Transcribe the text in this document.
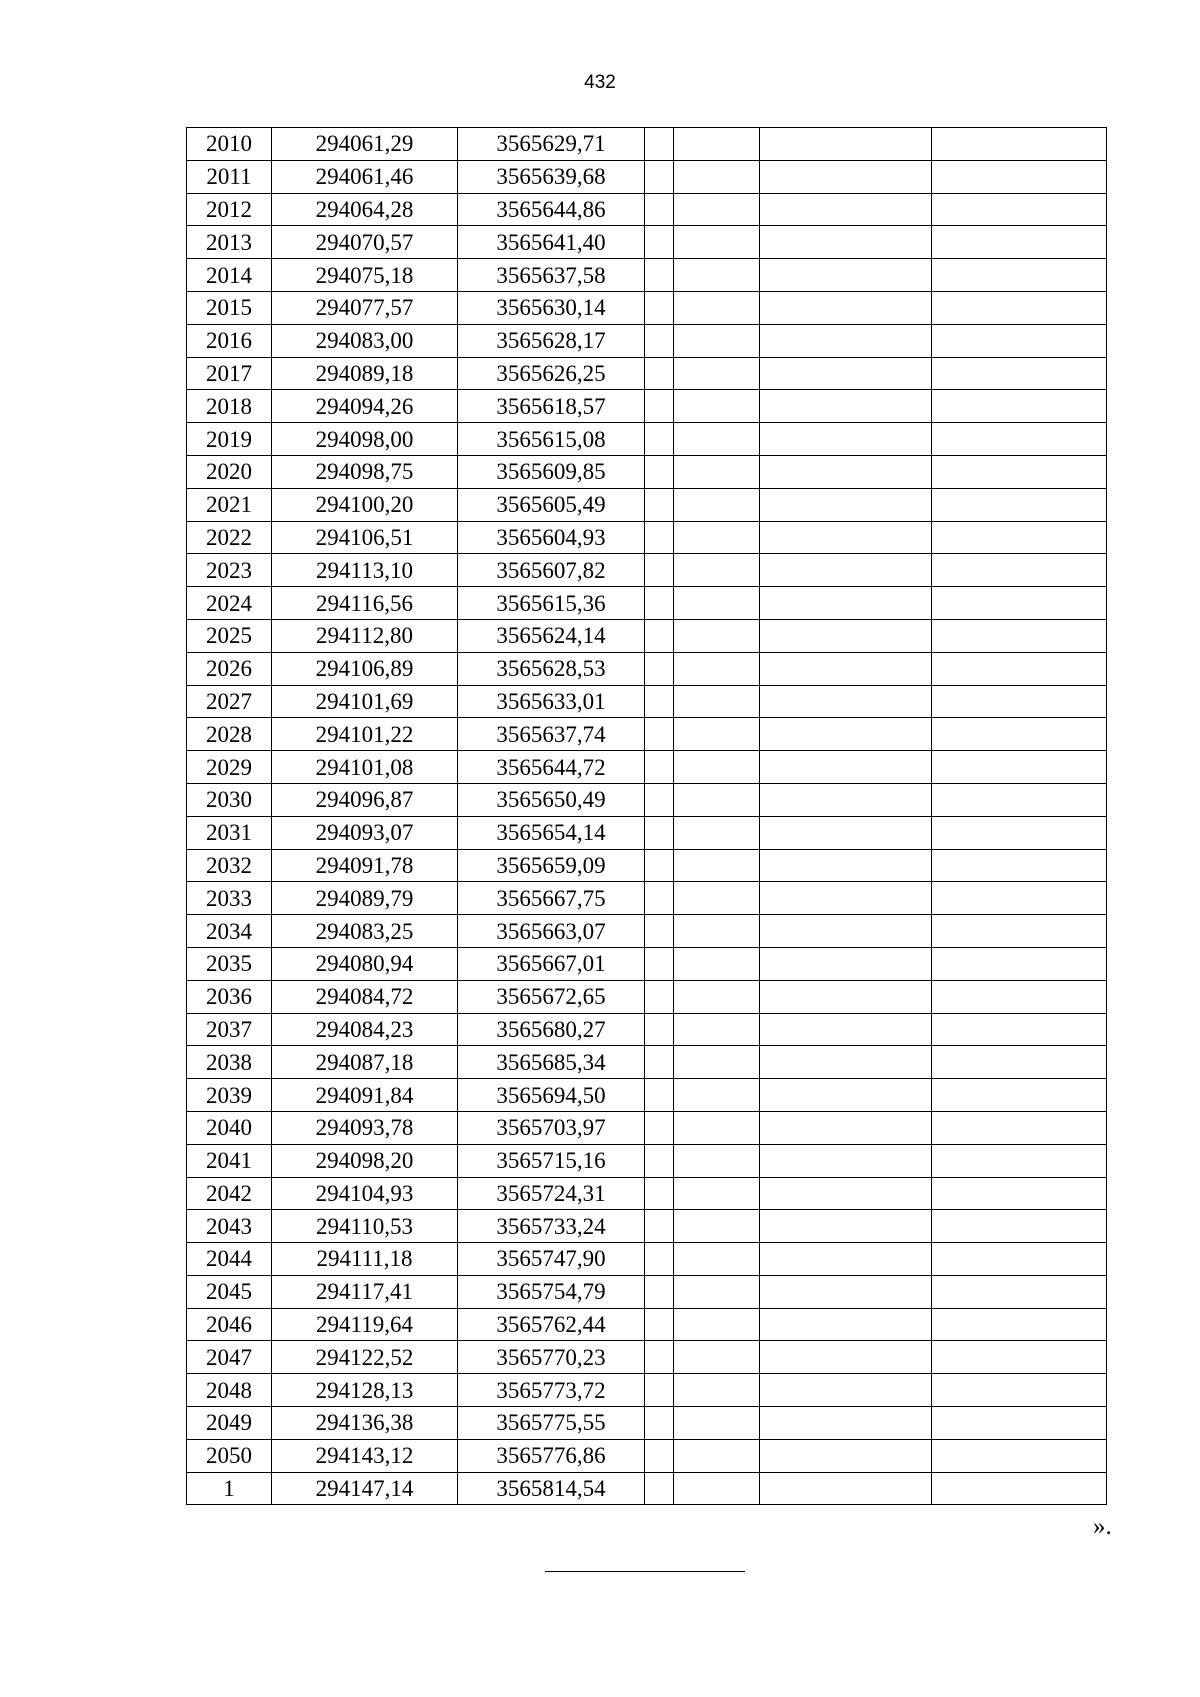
432
2010	294061,29	3565629,71				
2011	294061,46	3565639,68				
2012	294064,28	3565644,86				
2013	294070,57	3565641,40				
2014	294075,18	3565637,58				
2015	294077,57	3565630,14				
2016	294083,00	3565628,17				
2017	294089,18	3565626,25				
2018	294094,26	3565618,57				
2019	294098,00	3565615,08				
2020	294098,75	3565609,85				
2021	294100,20	3565605,49				
2022	294106,51	3565604,93				
2023	294113,10	3565607,82				
2024	294116,56	3565615,36				
2025	294112,80	3565624,14				
2026	294106,89	3565628,53				
2027	294101,69	3565633,01				
2028	294101,22	3565637,74				
2029	294101,08	3565644,72				
2030	294096,87	3565650,49				
2031	294093,07	3565654,14				
2032	294091,78	3565659,09				
2033	294089,79	3565667,75				
2034	294083,25	3565663,07				
2035	294080,94	3565667,01				
2036	294084,72	3565672,65				
2037	294084,23	3565680,27				
2038	294087,18	3565685,34				
2039	294091,84	3565694,50				
2040	294093,78	3565703,97				
2041	294098,20	3565715,16				
2042	294104,93	3565724,31				
2043	294110,53	3565733,24				
2044	294111,18	3565747,90				
2045	294117,41	3565754,79				
2046	294119,64	3565762,44				
2047	294122,52	3565770,23				
2048	294128,13	3565773,72				
2049	294136,38	3565775,55				
2050	294143,12	3565776,86				
1	294147,14	3565814,54				
».
